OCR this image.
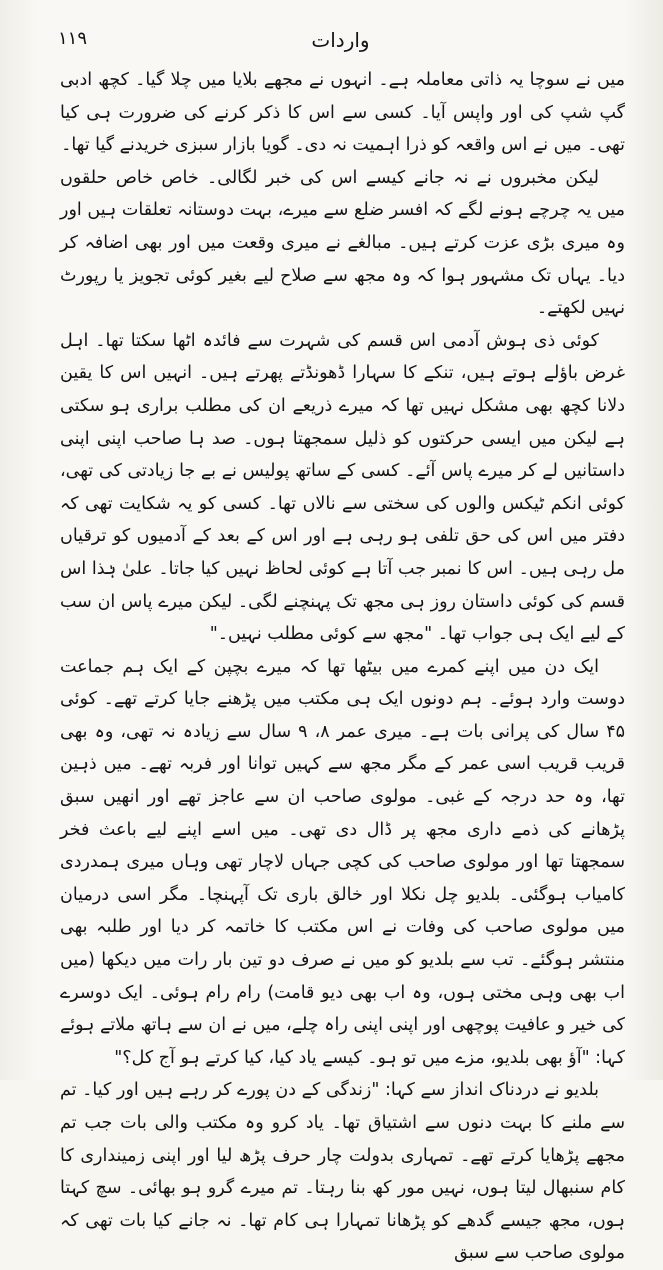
۱۱۹	واردات

میں نے سوچا یہ ذاتی معاملہ ہے۔ انہوں نے مجھے بلایا میں چلا گیا۔ کچھ ادبی گپ شپ کی اور واپس آیا۔ کسی سے اس کا ذکر کرنے کی ضرورت ہی کیا تھی۔ میں نے اس واقعہ کو ذرا اہمیت نہ دی۔ گویا بازار سبزی خریدنے گیا تھا۔

لیکن مخبروں نے نہ جانے کیسے اس کی خبر لگالی۔ خاص خاص حلقوں میں یہ چرچے ہونے لگے کہ افسر ضلع سے میرے، بہت دوستانہ تعلقات ہیں اور وہ میری بڑی عزت کرتے ہیں۔ مبالغے نے میری وقعت میں اور بھی اضافہ کر دیا۔ یہاں تک مشہور ہوا کہ وہ مجھ سے صلاح لیے بغیر کوئی تجویز یا رپورٹ نہیں لکھتے۔

کوئی ذی ہوش آدمی اس قسم کی شہرت سے فائدہ اٹھا سکتا تھا۔ اہل غرض باؤلے ہوتے ہیں، تنکے کا سہارا ڈھونڈتے پھرتے ہیں۔ انہیں اس کا یقین دلانا کچھ بھی مشکل نہیں تھا کہ میرے ذریعے ان کی مطلب براری ہو سکتی ہے لیکن میں ایسی حرکتوں کو ذلیل سمجھتا ہوں۔ صد ہا صاحب اپنی اپنی داستانیں لے کر میرے پاس آئے۔ کسی کے ساتھ پولیس نے بے جا زیادتی کی تھی، کوئی انکم ٹیکس والوں کی سختی سے نالاں تھا۔ کسی کو یہ شکایت تھی کہ دفتر میں اس کی حق تلفی ہو رہی ہے اور اس کے بعد کے آدمیوں کو ترقیاں مل رہی ہیں۔ اس کا نمبر جب آتا ہے کوئی لحاظ نہیں کیا جاتا۔ علیٰ ہٰذا اس قسم کی کوئی داستان روز ہی مجھ تک پہنچنے لگی۔ لیکن میرے پاس ان سب کے لیے ایک ہی جواب تھا۔ "مجھ سے کوئی مطلب نہیں۔"

ایک دن میں اپنے کمرے میں بیٹھا تھا کہ میرے بچپن کے ایک ہم جماعت دوست وارد ہوئے۔ ہم دونوں ایک ہی مکتب میں پڑھنے جایا کرتے تھے۔ کوئی ۴۵ سال کی پرانی بات ہے۔ میری عمر ۸، ۹ سال سے زیادہ نہ تھی، وہ بھی قریب قریب اسی عمر کے مگر مجھ سے کہیں توانا اور فربہ تھے۔ میں ذہین تھا، وہ حد درجہ کے غبی۔ مولوی صاحب ان سے عاجز تھے اور انھیں سبق پڑھانے کی ذمے داری مجھ پر ڈال دی تھی۔ میں اسے اپنے لیے باعث فخر سمجھتا تھا اور مولوی صاحب کی کچی جہاں لاچار تھی وہاں میری ہمدردی کامیاب ہوگئی۔ بلدیو چل نکلا اور خالق باری تک آپہنچا۔ مگر اسی درمیان میں مولوی صاحب کی وفات نے اس مکتب کا خاتمہ کر دیا اور طلبہ بھی منتشر ہوگئے۔ تب سے بلدیو کو میں نے صرف دو تین بار رات میں دیکھا (میں اب بھی وہی مختی ہوں، وہ اب بھی دیو قامت) رام رام ہوئی۔ ایک دوسرے کی خیر و عافیت پوچھی اور اپنی اپنی راہ چلے، میں نے ان سے ہاتھ ملاتے ہوئے کہا: "آؤ بھی بلدیو، مزے میں تو ہو۔ کیسے یاد کیا، کیا کرتے ہو آج کل؟"

بلدیو نے دردناک انداز سے کہا: "زندگی کے دن پورے کر رہے ہیں اور کیا۔ تم سے ملنے کا بہت دنوں سے اشتیاق تھا۔ یاد کرو وہ مکتب والی بات جب تم مجھے پڑھایا کرتے تھے۔ تمہاری بدولت چار حرف پڑھ لیا اور اپنی زمینداری کا کام سنبھال لیتا ہوں، نہیں مور کھ بنا رہتا۔ تم میرے گرو ہو بھائی۔ سچ کہتا ہوں، مجھ جیسے گدھے کو پڑھانا تمہارا ہی کام تھا۔ نہ جانے کیا بات تھی کہ مولوی صاحب سے سبق
